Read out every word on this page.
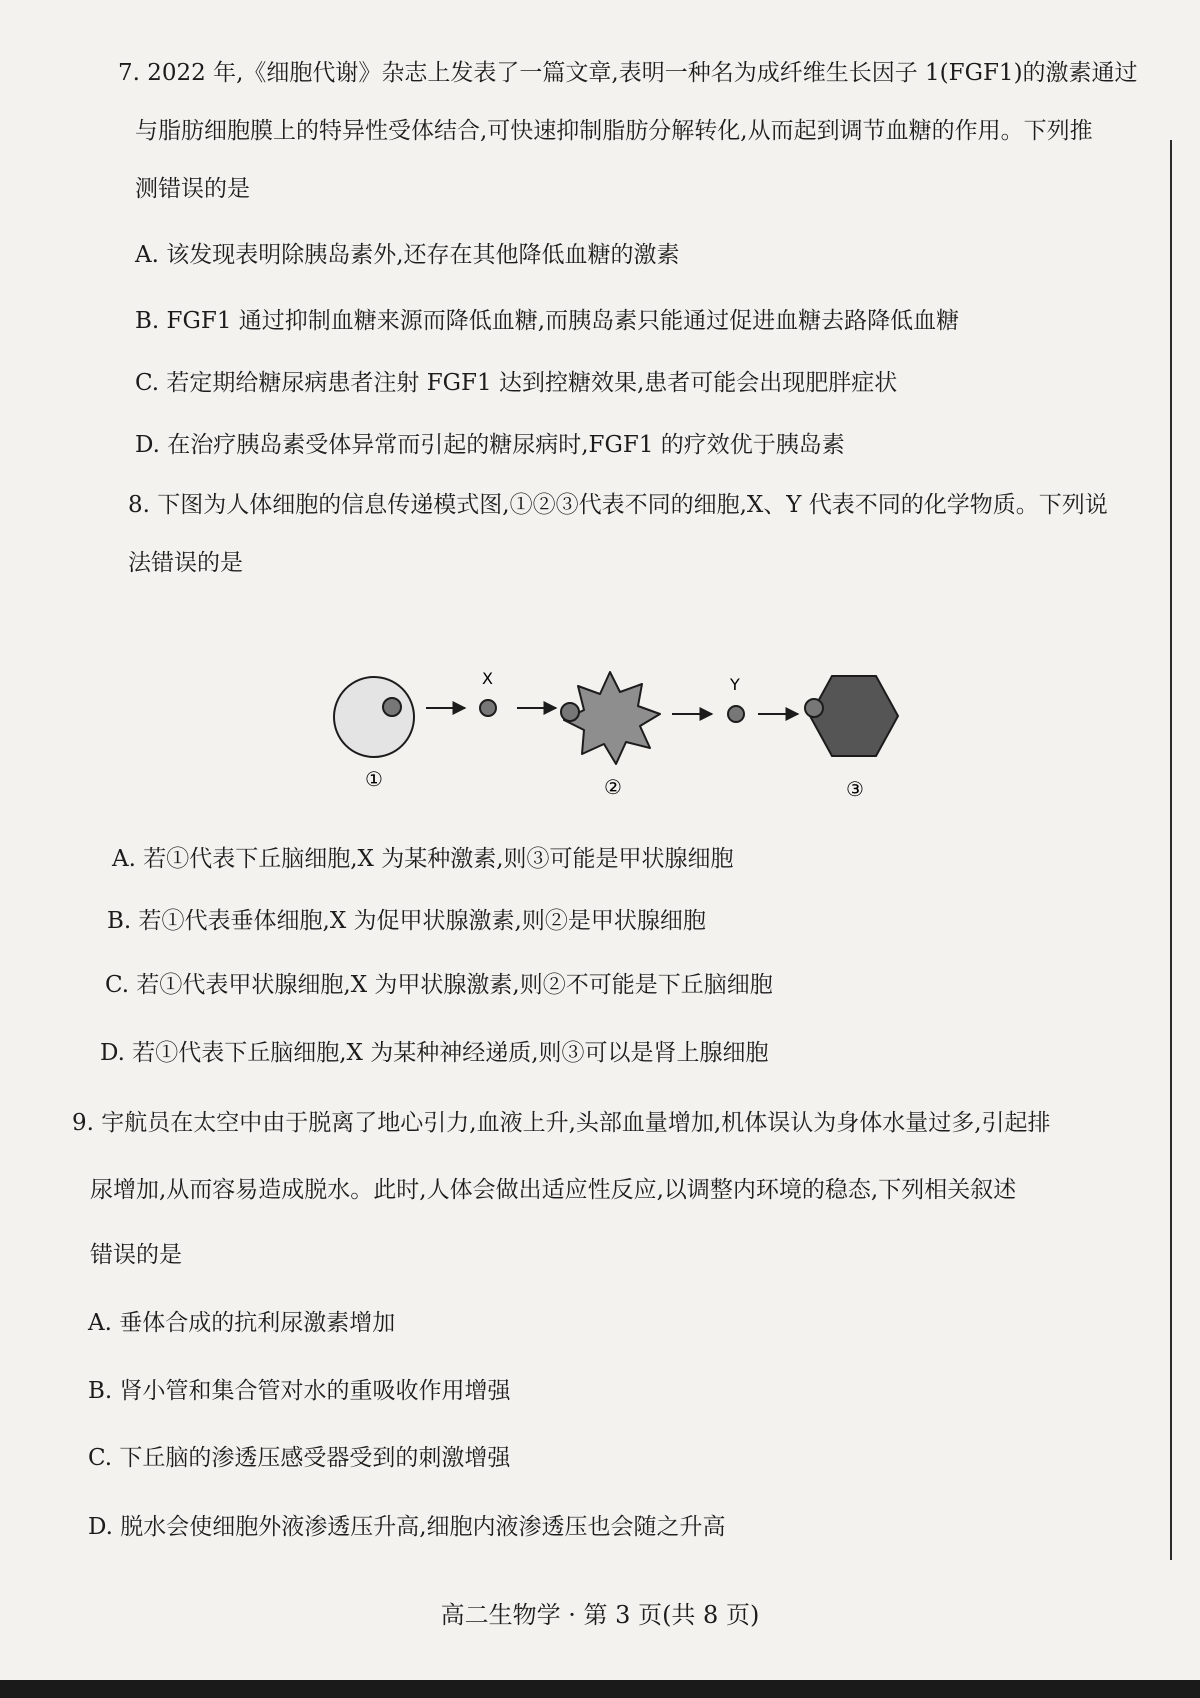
7. 2022 年,《细胞代谢》杂志上发表了一篇文章,表明一种名为成纤维生长因子 1(FGF1)的激素通过
与脂肪细胞膜上的特异性受体结合,可快速抑制脂肪分解转化,从而起到调节血糖的作用。下列推
测错误的是
A. 该发现表明除胰岛素外,还存在其他降低血糖的激素
B. FGF1 通过抑制血糖来源而降低血糖,而胰岛素只能通过促进血糖去路降低血糖
C. 若定期给糖尿病患者注射 FGF1 达到控糖效果,患者可能会出现肥胖症状
D. 在治疗胰岛素受体异常而引起的糖尿病时,FGF1 的疗效优于胰岛素
8. 下图为人体细胞的信息传递模式图,①②③代表不同的细胞,X、Y 代表不同的化学物质。下列说
法错误的是
X	Y
①	②	③
A. 若①代表下丘脑细胞,X 为某种激素,则③可能是甲状腺细胞
B. 若①代表垂体细胞,X 为促甲状腺激素,则②是甲状腺细胞
C. 若①代表甲状腺细胞,X 为甲状腺激素,则②不可能是下丘脑细胞
D. 若①代表下丘脑细胞,X 为某种神经递质,则③可以是肾上腺细胞
9. 宇航员在太空中由于脱离了地心引力,血液上升,头部血量增加,机体误认为身体水量过多,引起排
尿增加,从而容易造成脱水。此时,人体会做出适应性反应,以调整内环境的稳态,下列相关叙述
错误的是
A. 垂体合成的抗利尿激素增加
B. 肾小管和集合管对水的重吸收作用增强
C. 下丘脑的渗透压感受器受到的刺激增强
D. 脱水会使细胞外液渗透压升高,细胞内液渗透压也会随之升高
高二生物学 · 第 3 页(共 8 页)
